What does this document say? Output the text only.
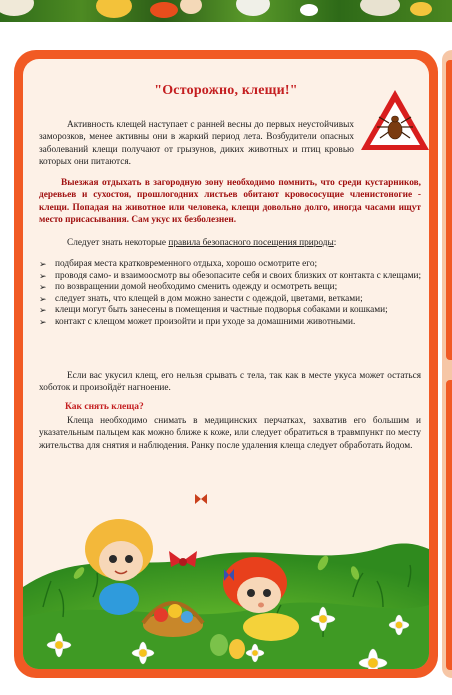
"Осторожно, клещи!"
Активность клещей наступает с ранней весны до первых неустойчивых заморозков, менее активны они в жаркий период лета. Возбудители опасных заболеваний клещи получают от грызунов, диких животных и птиц кровью которых они питаются.
Выезжая отдыхать в загородную зону необходимо помнить, что среди кустарников, деревьев и сухостоя, прошлогодних листьев обитают кровососущие членистоногие - клещи. Попадая на животное или человека, клещи довольно долго, иногда часами ищут место присасывания. Сам укус их безболезнен.
Следует знать некоторые правила безопасного посещения природы:
➢ подбирая места кратковременного отдыха, хорошо осмотрите его;
➢ проводя само- и взаимоосмотр вы обезопасите себя и своих близких от контакта с клещами;
➢ по возвращении домой необходимо сменить одежду и осмотреть вещи;
➢ следует знать, что клещей в дом можно занести с одеждой, цветами, ветками;
➢ клещи могут быть занесены в помещения и частные подворья собаками и кошками;
➢ контакт с клещом может произойти и при уходе за домашними животными.
Если вас укусил клещ, его нельзя срывать с тела, так как в месте укуса может остаться хоботок и произойдёт нагноение.
Как снять клеща?
Клеща необходимо снимать в медицинских перчатках, захватив его большим и указательным пальцем как можно ближе к коже, или следует обратиться в травмпункт по месту жительства для снятия и наблюдения. Ранку после удаления клеща следует обработать йодом.
